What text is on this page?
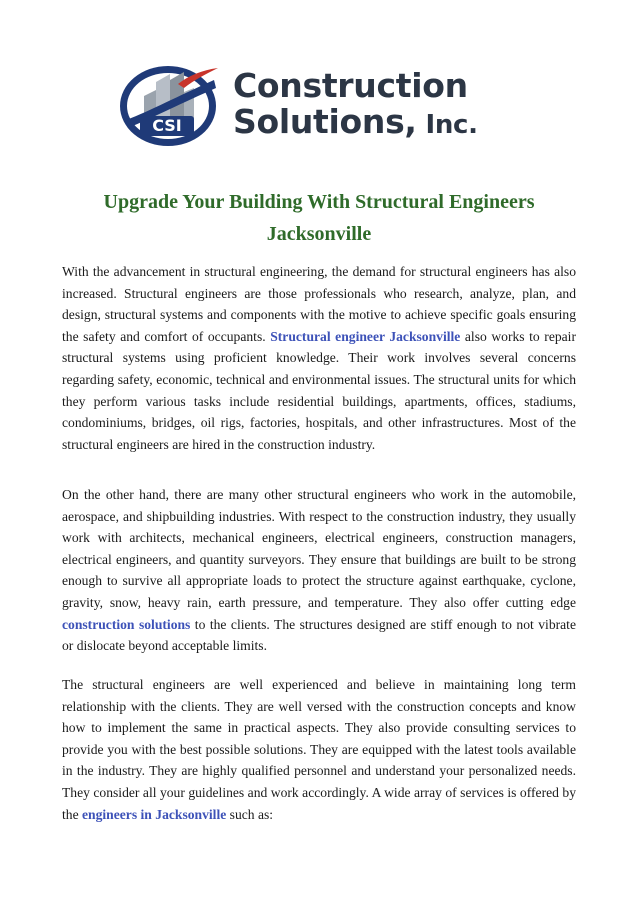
CSI
Construction
Solutions, Inc.
Upgrade Your Building With Structural Engineers
Jacksonville

With the advancement in structural engineering, the demand for structural engineers has also increased. Structural engineers are those professionals who research, analyze, plan, and design, structural systems and components with the motive to achieve specific goals ensuring the safety and comfort of occupants. Structural engineer Jacksonville also works to repair structural systems using proficient knowledge. Their work involves several concerns regarding safety, economic, technical and environmental issues. The structural units for which they perform various tasks include residential buildings, apartments, offices, stadiums, condominiums, bridges, oil rigs, factories, hospitals, and other infrastructures. Most of the structural engineers are hired in the construction industry.

On the other hand, there are many other structural engineers who work in the automobile, aerospace, and shipbuilding industries. With respect to the construction industry, they usually work with architects, mechanical engineers, electrical engineers, construction managers, electrical engineers, and quantity surveyors. They ensure that buildings are built to be strong enough to survive all appropriate loads to protect the structure against earthquake, cyclone, gravity, snow, heavy rain, earth pressure, and temperature. They also offer cutting edge construction solutions to the clients. The structures designed are stiff enough to not vibrate or dislocate beyond acceptable limits.

The structural engineers are well experienced and believe in maintaining long term relationship with the clients. They are well versed with the construction concepts and know how to implement the same in practical aspects. They also provide consulting services to provide you with the best possible solutions. They are equipped with the latest tools available in the industry. They are highly qualified personnel and understand your personalized needs. They consider all your guidelines and work accordingly. A wide array of services is offered by the engineers in Jacksonville such as:
